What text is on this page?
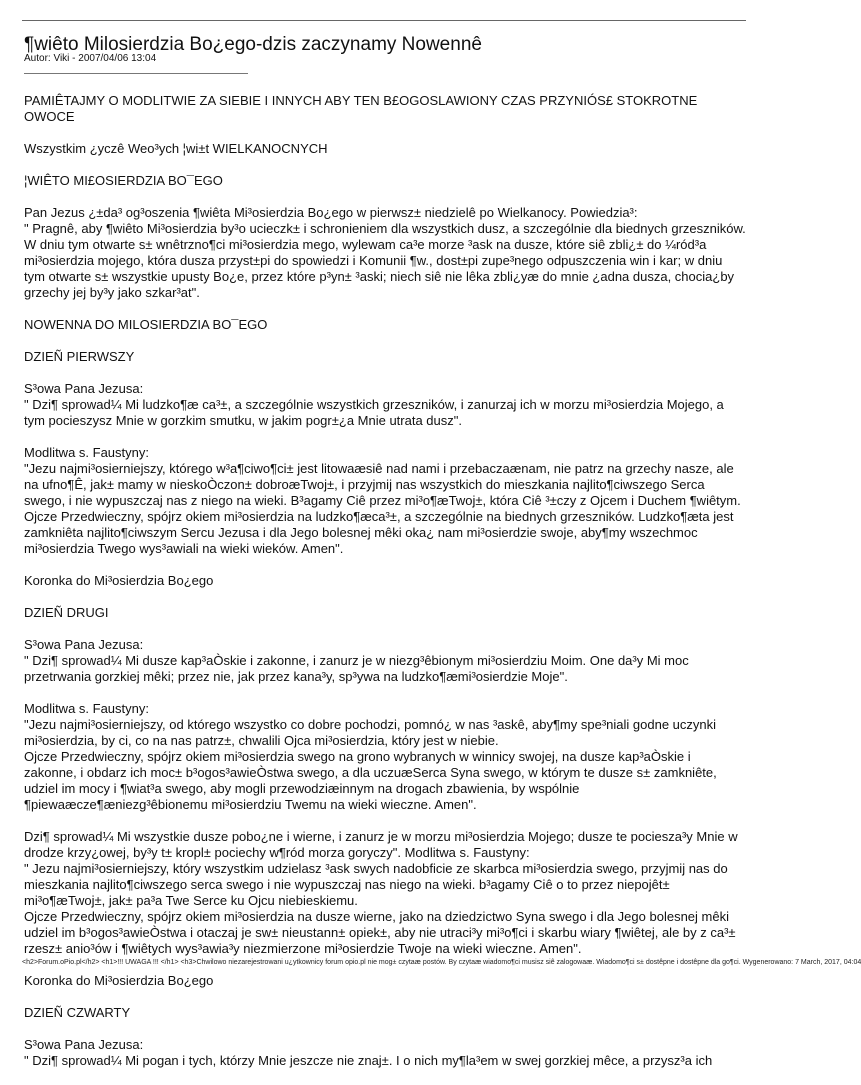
¶wiêto Milosierdzia Bo¿ego-dzis zaczynamy Nowennê
Autor: Viki - 2007/04/06 13:04

PAMIÊTAJMY O MODLITWIE ZA SIEBIE I INNYCH ABY TEN B£OGOSLAWIONY CZAS PRZYNIÓS£ STOKROTNE OWOCE

Wszystkim ¿yczê Weo³ych ¦wi±t WIELKANOCNYCH

¦WIÊTO MI£OSIERDZIA BO¯EGO

Pan Jezus ¿±da³ og³oszenia ¶wiêta Mi³osierdzia Bo¿ego w pierwsz± niedzielê po Wielkanocy. Powiedzia³:
" Pragnê, aby ¶wiêto Mi³osierdzia by³o ucieczk± i schronieniem dla wszystkich dusz, a szczególnie dla biednych grzeszników. W dniu tym otwarte s± wnêtrzno¶ci mi³osierdzia mego, wylewam ca³e morze ³ask na dusze, które siê zbli¿± do ¼ród³a mi³osierdzia mojego, która dusza przyst±pi do spowiedzi i Komunii ¶w., dost±pi zupe³nego odpuszczenia win i kar; w dniu tym otwarte s± wszystkie upusty Bo¿e, przez które p³yn± ³aski; niech siê nie lêka zbli¿yæ do mnie ¿adna dusza, chocia¿by grzechy jej by³y jako szkar³at".

NOWENNA DO MILOSIERDZIA BO¯EGO

DZIEÑ PIERWSZY

S³owa Pana Jezusa:
" Dzi¶ sprowad¼ Mi ludzko¶æ ca³±, a szczególnie wszystkich grzeszników, i zanurzaj ich w morzu mi³osierdzia Mojego, a tym pocieszysz Mnie w gorzkim smutku, w jakim pogr±¿a Mnie utrata dusz".

Modlitwa s. Faustyny:
"Jezu najmi³osierniejszy, którego w³a¶ciwo¶ci± jest litowaæsiê nad nami i przebaczaænam, nie patrz na grzechy nasze, ale na ufno¶Ê, jak± mamy w nieskoÒczon± dobroæTwoj±, i przyjmij nas wszystkich do mieszkania najlito¶ciwszego Serca swego, i nie wypuszczaj nas z niego na wieki. B³agamy Ciê przez mi³o¶æTwoj±, która Ciê ³±czy z Ojcem i Duchem ¶wiêtym.
Ojcze Przedwieczny, spójrz okiem mi³osierdzia na ludzko¶æca³±, a szczególnie na biednych grzeszników. Ludzko¶æta jest zamkniêta najlito¶ciwszym Sercu Jezusa i dla Jego bolesnej mêki oka¿ nam mi³osierdzie swoje, aby¶my wszechmoc mi³osierdzia Twego wys³awiali na wieki wieków. Amen".

Koronka do Mi³osierdzia Bo¿ego

DZIEÑ DRUGI

S³owa Pana Jezusa:
" Dzi¶ sprowad¼ Mi dusze kap³aÒskie i zakonne, i zanurz je w niezg³êbionym mi³osierdziu Moim. One da³y Mi moc przetrwania gorzkiej mêki; przez nie, jak przez kana³y, sp³ywa na ludzko¶æmi³osierdzie Moje".

Modlitwa s. Faustyny:
"Jezu najmi³osierniejszy, od którego wszystko co dobre pochodzi, pomnó¿ w nas ³askê, aby¶my spe³niali godne uczynki mi³osierdzia, by ci, co na nas patrz±, chwalili Ojca mi³osierdzia, który jest w niebie.
Ojcze Przedwieczny, spójrz okiem mi³osierdzia swego na grono wybranych w winnicy swojej, na dusze kap³aÒskie i zakonne, i obdarz ich moc± b³ogos³awieÒstwa swego, a dla uczuæSerca Syna swego, w którym te dusze s± zamkniête, udziel im mocy i ¶wiat³a swego, aby mogli przewodziæinnym na drogach zbawienia, by wspólnie ¶piewaæcze¶æniezg³êbionemu mi³osierdziu Twemu na wieki wieczne. Amen".

Dzi¶ sprowad¼ Mi wszystkie dusze pobo¿ne i wierne, i zanurz je w morzu mi³osierdzia Mojego; dusze te pociesza³y Mnie w drodze krzy¿owej, by³y t± kropl± pociechy w¶ród morza goryczy". Modlitwa s. Faustyny:
" Jezu najmi³osierniejszy, który wszystkim udzielasz ³ask swych nadobficie ze skarbca mi³osierdzia swego, przyjmij nas do mieszkania najlito¶ciwszego serca swego i nie wypuszczaj nas niego na wieki. b³agamy Ciê o to przez niepojêt± mi³o¶æTwoj±, jak± pa³a Twe Serce ku Ojcu niebieskiemu.
Ojcze Przedwieczny, spójrz okiem mi³osierdzia na dusze wierne, jako na dziedzictwo Syna swego i dla Jego bolesnej mêki udziel im b³ogos³awieÒstwa i otaczaj je sw± nieustann± opiek±, aby nie utraci³y mi³o¶ci i skarbu wiary ¶wiêtej, ale by z ca³± rzesz± anio³ów i ¶wiêtych wys³awia³y niezmierzone mi³osierdzie Twoje na wieki wieczne. Amen".

Koronka do Mi³osierdzia Bo¿ego

DZIEÑ CZWARTY

S³owa Pana Jezusa:
" Dzi¶ sprowad¼ Mi pogan i tych, którzy Mnie jeszcze nie znaj±. I o nich my¶la³em w swej gorzkiej mêce, a przysz³a ich

<h2>Forum.oPio.pl</h2> <h1>!!! UWAGA !!! </h1> <h3>Chwilowo niezarejestrowani u¿ytkownicy forum opio.pl nie mog± czytaæ postów. By czytaæ wiadomo¶ci musisz siê zalogowaæ. Wiadomo¶ci s± dostêpne i dostêpne dla go¶ci. Wygenerowano: 7 March, 2017, 04:04
